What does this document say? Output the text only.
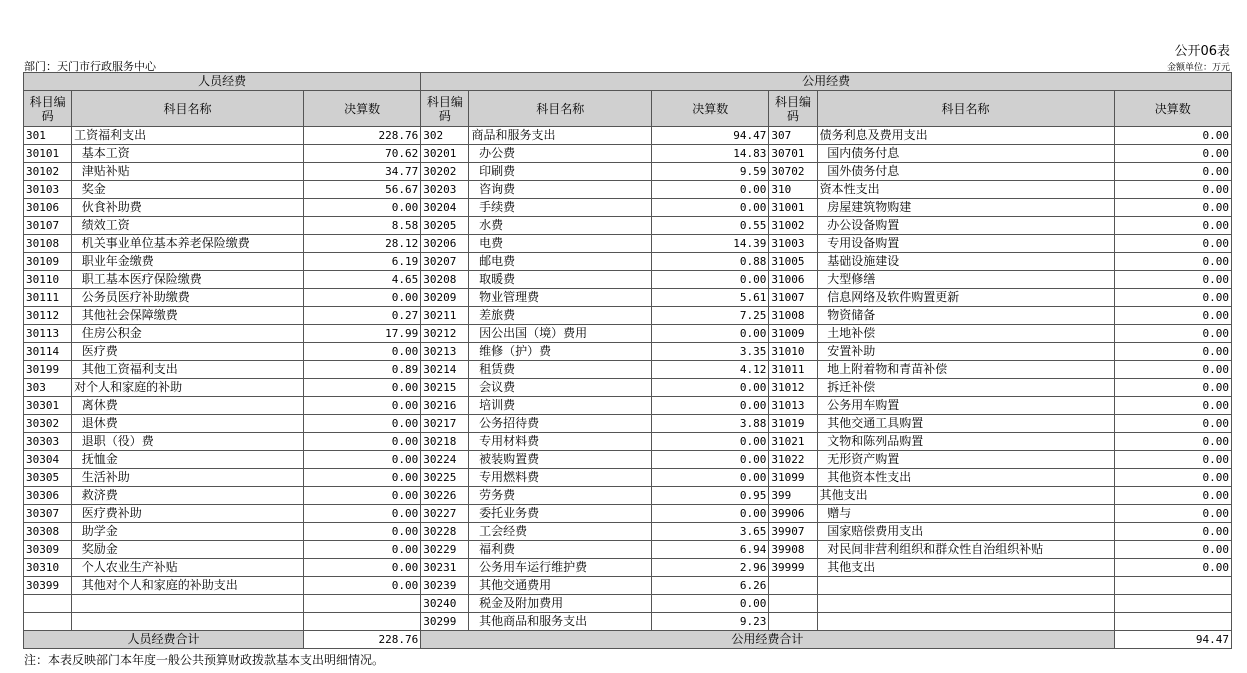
公开06表
部门：天门市行政服务中心	金额单位：万元
人员经费			公用经费					
科目编码	科目名称	决算数	科目编码	科目名称	决算数	科目编码	科目名称	决算数
301	工资福利支出	228.76	302	商品和服务支出	94.47	307	债务利息及费用支出	0.00
30101	基本工资	70.62	30201	办公费	14.83	30701	国内债务付息	0.00
30102	津贴补贴	34.77	30202	印刷费	9.59	30702	国外债务付息	0.00
30103	奖金	56.67	30203	咨询费	0.00	310	资本性支出	0.00
30106	伙食补助费	0.00	30204	手续费	0.00	31001	房屋建筑物购建	0.00
30107	绩效工资	8.58	30205	水费	0.55	31002	办公设备购置	0.00
30108	机关事业单位基本养老保险缴费	28.12	30206	电费	14.39	31003	专用设备购置	0.00
30109	职业年金缴费	6.19	30207	邮电费	0.88	31005	基础设施建设	0.00
30110	职工基本医疗保险缴费	4.65	30208	取暖费	0.00	31006	大型修缮	0.00
30111	公务员医疗补助缴费	0.00	30209	物业管理费	5.61	31007	信息网络及软件购置更新	0.00
30112	其他社会保障缴费	0.27	30211	差旅费	7.25	31008	物资储备	0.00
30113	住房公积金	17.99	30212	因公出国（境）费用	0.00	31009	土地补偿	0.00
30114	医疗费	0.00	30213	维修（护）费	3.35	31010	安置补助	0.00
30199	其他工资福利支出	0.89	30214	租赁费	4.12	31011	地上附着物和青苗补偿	0.00
303	对个人和家庭的补助	0.00	30215	会议费	0.00	31012	拆迁补偿	0.00
30301	离休费	0.00	30216	培训费	0.00	31013	公务用车购置	0.00
30302	退休费	0.00	30217	公务招待费	3.88	31019	其他交通工具购置	0.00
30303	退职（役）费	0.00	30218	专用材料费	0.00	31021	文物和陈列品购置	0.00
30304	抚恤金	0.00	30224	被装购置费	0.00	31022	无形资产购置	0.00
30305	生活补助	0.00	30225	专用燃料费	0.00	31099	其他资本性支出	0.00
30306	救济费	0.00	30226	劳务费	0.95	399	其他支出	0.00
30307	医疗费补助	0.00	30227	委托业务费	0.00	39906	赠与	0.00
30308	助学金	0.00	30228	工会经费	3.65	39907	国家赔偿费用支出	0.00
30309	奖励金	0.00	30229	福利费	6.94	39908	对民间非营利组织和群众性自治组织补贴	0.00
30310	个人农业生产补贴	0.00	30231	公务用车运行维护费	2.96	39999	其他支出	0.00
30399	其他对个人和家庭的补助支出	0.00	30239	其他交通费用	6.26			
			30240	税金及附加费用	0.00			
			30299	其他商品和服务支出	9.23			
人员经费合计		228.76	公用经费合计					94.47
注：本表反映部门本年度一般公共预算财政拨款基本支出明细情况。
